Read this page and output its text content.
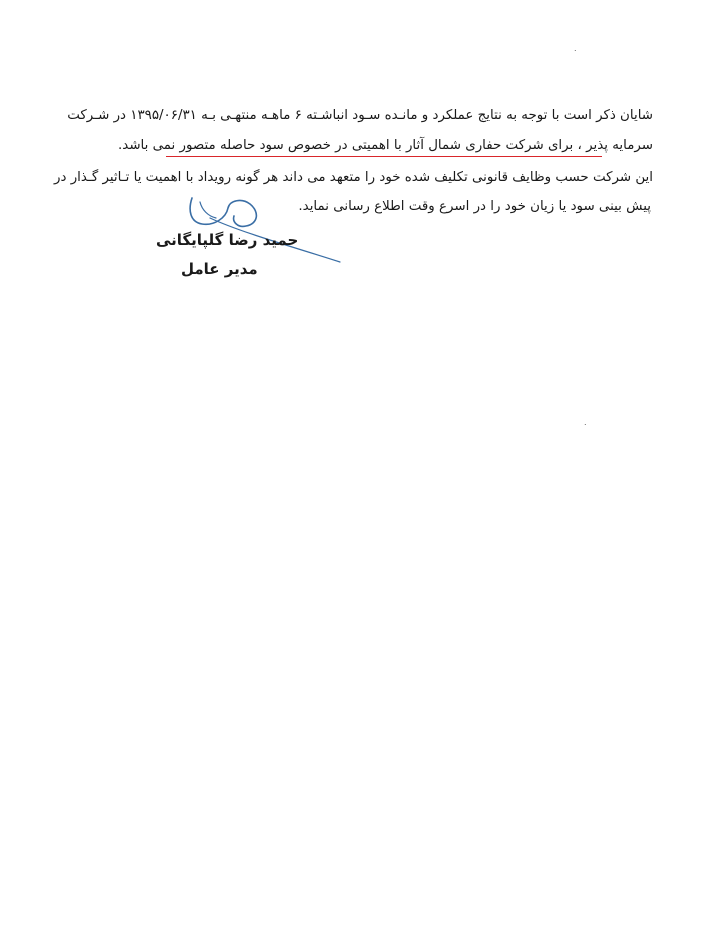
.
شایان ذکر است با توجه به نتایج عملکرد و مانـده سـود انباشـته ۶ ماهـه منتهـی بـه ۱۳۹۵/۰۶/۳۱ در شـرکت
سرمایه پذیر ، برای شرکت حفاری شمال آثار با اهمیتی در خصوص سود حاصله متصور نمی باشد.
این شرکت حسب وظایف قانونی تکلیف شده خود را متعهد می داند هر گونه رویداد با اهمیت یا تـاثیر گـذار در
پیش بینی سود یا زیان خود را در اسرع وقت اطلاع رسانی نماید.
حمید رضا گلپایگانی
مدیر عامل
.
